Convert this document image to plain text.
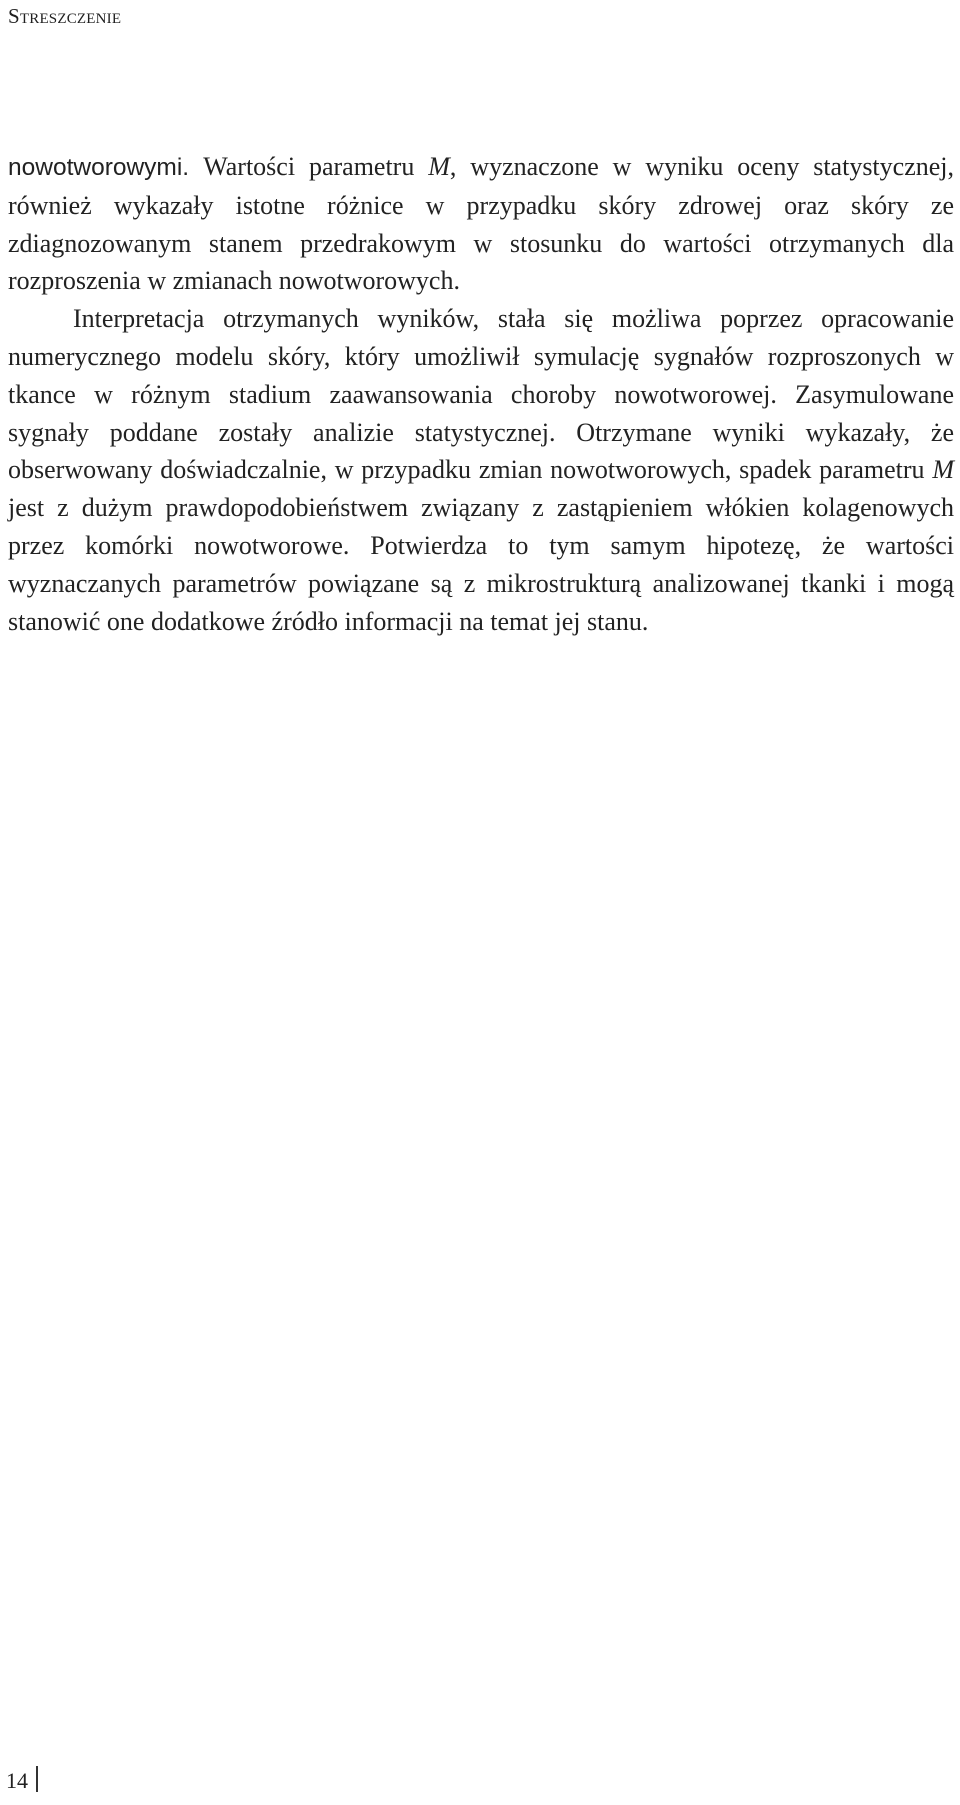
Streszczenie

nowotworowymi. Wartości parametru M, wyznaczone w wyniku oceny statystycznej, również wykazały istotne różnice w przypadku skóry zdrowej oraz skóry ze zdiagnozowanym stanem przedrakowym w stosunku do wartości otrzymanych dla rozproszenia w zmianach nowotworowych.

Interpretacja otrzymanych wyników, stała się możliwa poprzez opracowanie numerycznego modelu skóry, który umożliwił symulację sygnałów rozproszonych w tkance w różnym stadium zaawansowania choroby nowotworowej. Zasymulowane sygnały poddane zostały analizie statystycznej. Otrzymane wyniki wykazały, że obserwowany doświadczalnie, w przypadku zmian nowotworowych, spadek parametru M jest z dużym prawdopodobieństwem związany z zastąpieniem włókien kolagenowych przez komórki nowotworowe. Potwierdza to tym samym hipotezę, że wartości wyznaczanych parametrów powiązane są z mikrostrukturą analizowanej tkanki i mogą stanowić one dodatkowe źródło informacji na temat jej stanu.

14
